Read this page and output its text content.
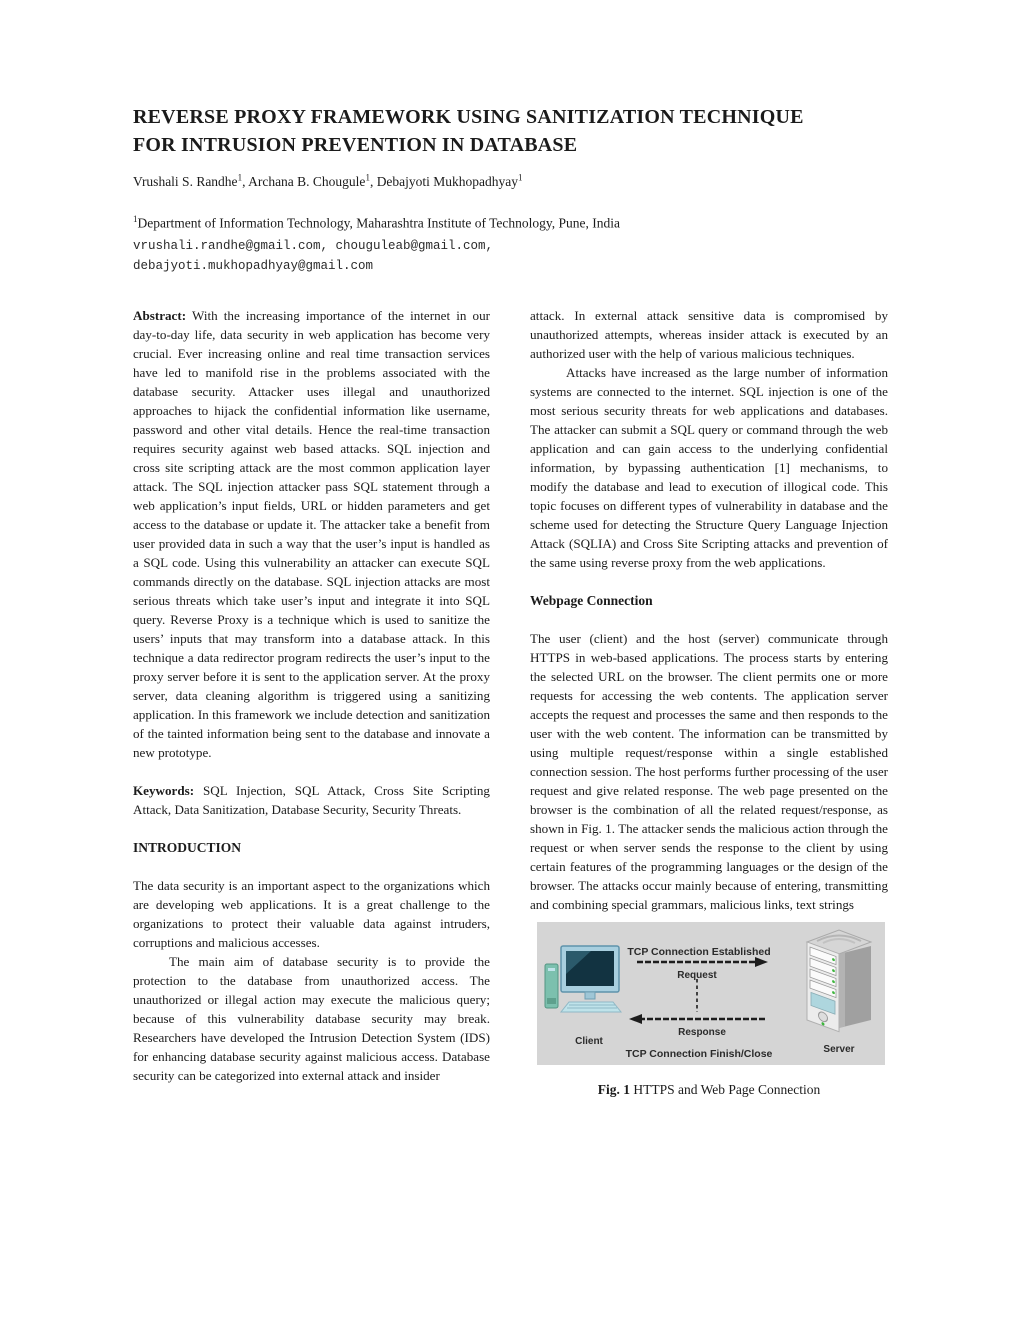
REVERSE PROXY FRAMEWORK USING SANITIZATION TECHNIQUE
FOR INTRUSION PREVENTION IN DATABASE
Vrushali S. Randhe$^1$, Archana B. Chougule$^1$, Debajyoti Mukhopadhyay$^1$
$^1$Department of Information Technology, Maharashtra Institute of Technology, Pune, India
vrushali.randhe@gmail.com, chouguleab@gmail.com,
debajyoti.mukhopadhyay@gmail.com

Abstract: With the increasing importance of the internet in our day-to-day life, data security in web application has become very crucial. Ever increasing online and real time transaction services have led to manifold rise in the problems associated with the database security. Attacker uses illegal and unauthorized approaches to hijack the confidential information like username, password and other vital details. Hence the real-time transaction requires security against web based attacks. SQL injection and cross site scripting attack are the most common application layer attack. The SQL injection attacker pass SQL statement through a web application’s input fields, URL or hidden parameters and get access to the database or update it. The attacker take a benefit from user provided data in such a way that the user’s input is handled as a SQL code. Using this vulnerability an attacker can execute SQL commands directly on the database. SQL injection attacks are most serious threats which take user’s input and integrate it into SQL query. Reverse Proxy is a technique which is used to sanitize the users’ inputs that may transform into a database attack. In this technique a data redirector program redirects the user’s input to the proxy server before it is sent to the application server. At the proxy server, data cleaning algorithm is triggered using a sanitizing application. In this framework we include detection and sanitization of the tainted information being sent to the database and innovate a new prototype.

Keywords: SQL Injection, SQL Attack, Cross Site Scripting Attack, Data Sanitization, Database Security, Security Threats.

INTRODUCTION

The data security is an important aspect to the organizations which are developing web applications. It is a great challenge to the organizations to protect their valuable data against intruders, corruptions and malicious accesses.

The main aim of database security is to provide the protection to the database from unauthorized access. The unauthorized or illegal action may execute the malicious query; because of this vulnerability database security may break. Researchers have developed the Intrusion Detection System (IDS) for enhancing database security against malicious access. Database security can be categorized into external attack and insider

attack. In external attack sensitive data is compromised by unauthorized attempts, whereas insider attack is executed by an authorized user with the help of various malicious techniques.

Attacks have increased as the large number of information systems are connected to the internet. SQL injection is one of the most serious security threats for web applications and databases. The attacker can submit a SQL query or command through the web application and can gain access to the underlying confidential information, by bypassing authentication [1] mechanisms, to modify the database and lead to execution of illogical code. This topic focuses on different types of vulnerability in database and the scheme used for detecting the Structure Query Language Injection Attack (SQLIA) and Cross Site Scripting attacks and prevention of the same using reverse proxy from the web applications.

Webpage Connection

The user (client) and the host (server) communicate through HTTPS in web-based applications. The process starts by entering the selected URL on the browser. The client permits one or more requests for accessing the web contents. The application server accepts the request and processes the same and then responds to the user with the web content. The information can be transmitted by using multiple request/response within a single established connection session. The host performs further processing of the user request and give related response. The web page presented on the browser is the combination of all the related request/response, as shown in Fig. 1. The attacker sends the malicious action through the request or when server sends the response to the client by using certain features of the programming languages or the design of the browser. The attacks occur mainly because of entering, transmitting and combining special grammars, malicious links, text strings

TCP Connection Established
Request
Response
TCP Connection Finish/Close
Client
Server
Fig. 1 HTTPS and Web Page Connection
